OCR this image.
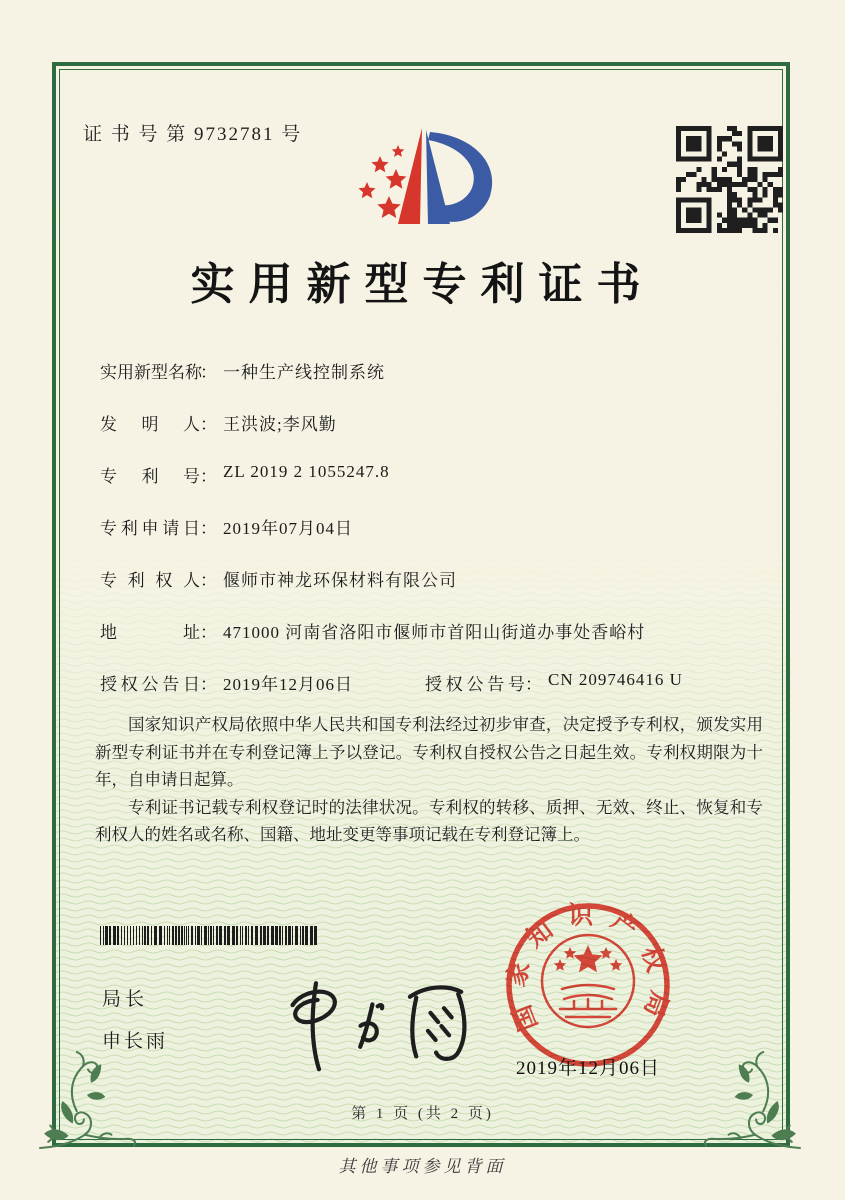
证 书 号 第 9732781 号
实用新型专利证书
实用新型名称： 一种生产线控制系统
发明人： 王洪波;李风勤
专利号： ZL 2019 2 1055247.8
专利申请日： 2019年07月04日
专利权人： 偃师市神龙环保材料有限公司
地址： 471000 河南省洛阳市偃师市首阳山街道办事处香峪村
授权公告日： 2019年12月06日	授权公告号： CN 209746416 U

国家知识产权局依照中华人民共和国专利法经过初步审查，决定授予专利权，颁发实用新型专利证书并在专利登记簿上予以登记。专利权自授权公告之日起生效。专利权期限为十年，自申请日起算。

专利证书记载专利权登记时的法律状况。专利权的转移、质押、无效、终止、恢复和专利权人的姓名或名称、国籍、地址变更等事项记载在专利登记簿上。

局长
申长雨
国家知识产权局
2019年12月06日
第 1 页 (共 2 页)
其他事项参见背面
